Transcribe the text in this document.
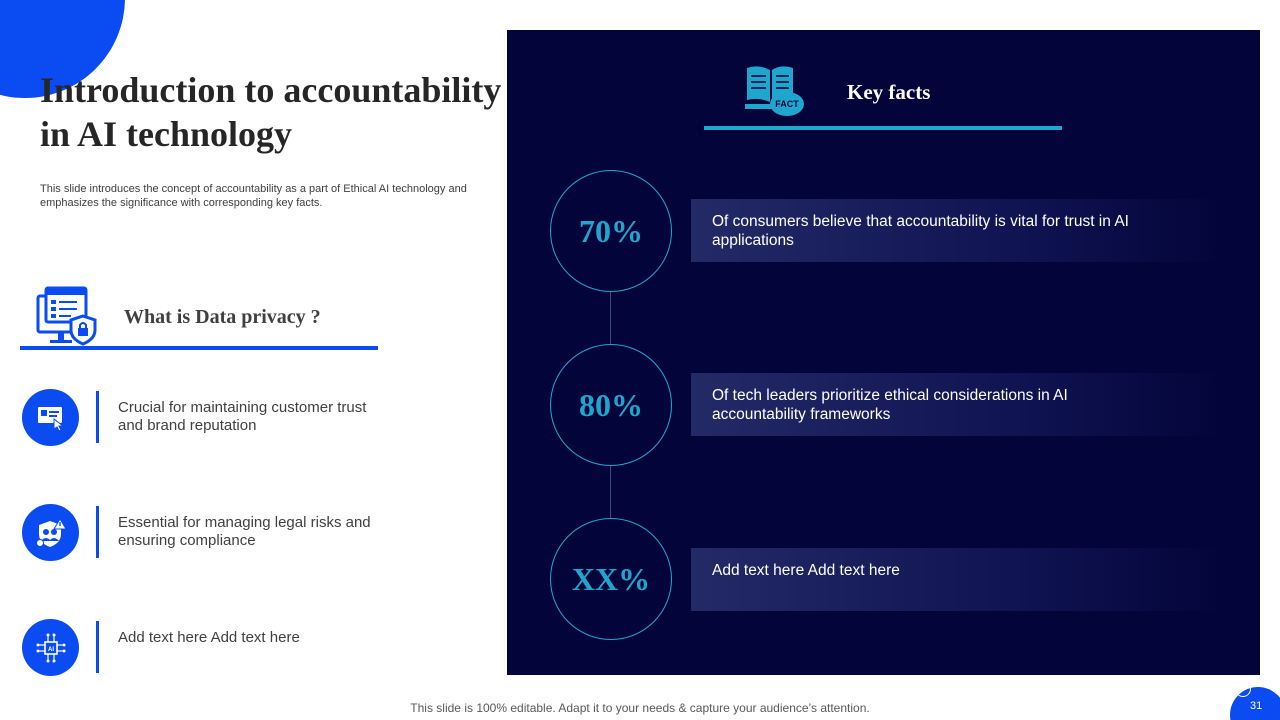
Introduction to accountability in AI technology

This slide introduces the concept of accountability as a part of Ethical AI technology and emphasizes the significance with corresponding key facts.

What is Data privacy ?
Crucial for maintaining customer trust and brand reputation
Essential for managing legal risks and ensuring compliance
AI
Add text here Add text here
FACT Key facts
70%	Of consumers believe that accountability is vital for trust in AI applications
80%	Of tech leaders prioritize ethical considerations in AI accountability frameworks
XX%	Add text here Add text here
This slide is 100% editable. Adapt it to your needs & capture your audience’s attention.	31
